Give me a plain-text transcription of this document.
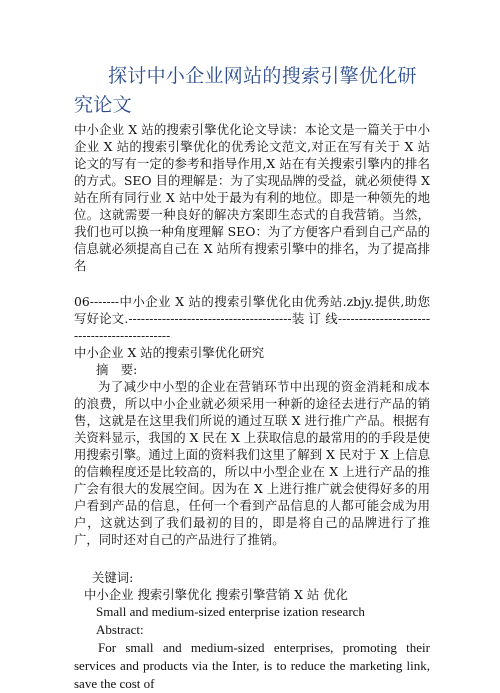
探讨中小企业网站的搜索引擎优化研究论文

中小企业 X 站的搜索引擎优化论文导读：本论文是一篇关于中小企业 X 站的搜索引擎优化的优秀论文范文,对正在写有关于 X 站论文的写有一定的参考和指导作用,X 站在有关搜索引擎内的排名的方式。SEO 目的理解是：为了实现品牌的受益，就必须使得 X 站在所有同行业 X 站中处于最为有利的地位。即是一种领先的地位。这就需要一种良好的解决方案即生态式的自我营销。当然，我们也可以换一种角度理解 SEO：为了方便客户看到自己产品的信息就必须提高自己在 X 站所有搜索引擎中的排名，为了提高排名

06-------中小企业 X 站的搜索引擎优化由优秀站.zbjy.提供,助您写好论文.---------------------------------------装 订 线---------------------------------------------

中小企业 X 站的搜索引擎优化研究
摘　要:

为了减少中小型的企业在营销环节中出现的资金消耗和成本的浪费，所以中小企业就必须采用一种新的途径去进行产品的销售，这就是在这里我们所说的通过互联 X 进行推广产品。根据有关资料显示，我国的 X 民在 X 上获取信息的最常用的的手段是使用搜索引擎。通过上面的资料我们这里了解到 X 民对于 X 上信息的信赖程度还是比较高的，所以中小型企业在 X 上进行产品的推广会有很大的发展空间。因为在 X 上进行推广就会使得好多的用户看到产品的信息，任何一个看到产品信息的人都可能会成为用户，这就达到了我们最初的目的，即是将自己的品牌进行了推广，同时还对自己的产品进行了推销。

关键词:
中小企业 搜索引擎优化 搜索引擎营销 X 站 优化
Small and medium-sized enterprise ization research
Abstract:

For small and medium-sized enterprises, promoting their services and products via the Inter, is to reduce the marketing link, save the cost of
